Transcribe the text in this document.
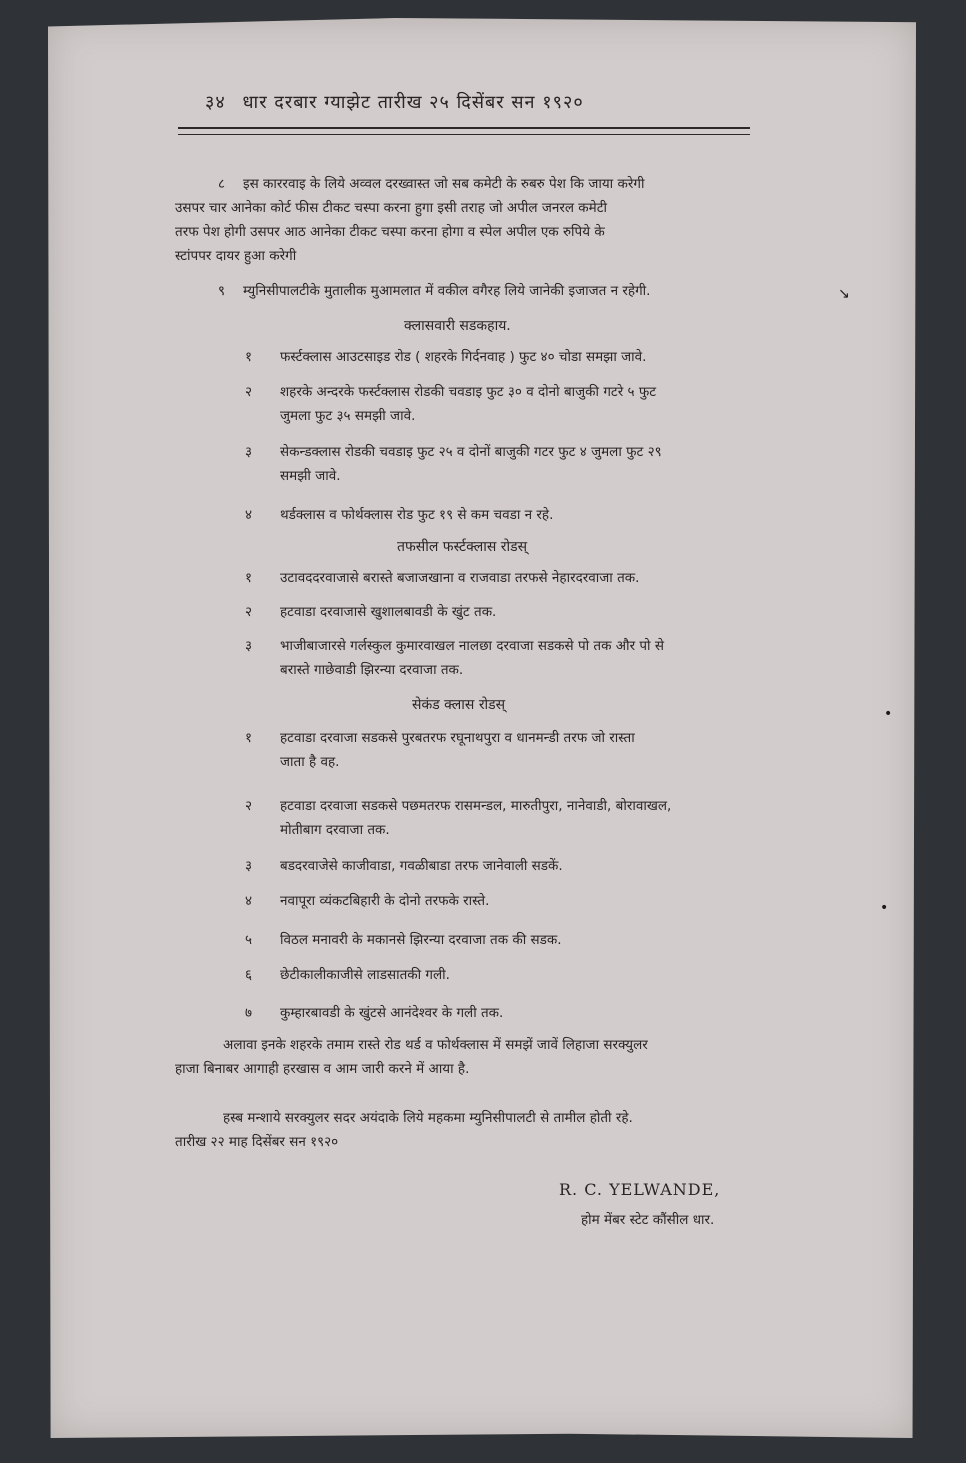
३४ धार दरबार ग्याझेट तारीख २५ दिसेंबर सन १९२०
८ इस काररवाइ के लिये अव्वल दरख्वास्त जो सब कमेटी के रुबरु पेश कि जाया करेगी
उसपर चार आनेका कोर्ट फीस टीकट चस्पा करना हुगा इसी तराह जो अपील जनरल कमेटी
तरफ पेश होगी उसपर आठ आनेका टीकट चस्पा करना होगा व स्पेल अपील एक रुपिये के
स्टांपपर दायर हुआ करेगी
९ म्युनिसीपालटीके मुतालीक मुआमलात में वकील वगैरह लिये जानेकी इजाजत न रहेगी.
क्लासवारी सडकहाय.
१	फर्स्टक्लास आउटसाइड रोड ( शहरके गिर्दनवाह ) फुट ४० चोडा समझा जावे.
२	शहरके अन्दरके फर्स्टक्लास रोडकी चवडाइ फुट ३० व दोनो बाजुकी गटरे ५ फुट
जुमला फुट ३५ समझी जावे.
३	सेकन्डक्लास रोडकी चवडाइ फुट २५ व दोनों बाजुकी गटर फुट ४ जुमला फुट २९
समझी जावे.
४	थर्डक्लास व फोर्थक्लास रोड फुट १९ से कम चवडा न रहे.
तफसील फर्स्टक्लास रोडस्
१	उटावददरवाजासे बरास्ते बजाजखाना व राजवाडा तरफसे नेहारदरवाजा तक.
२	हटवाडा दरवाजासे खुशालबावडी के खुंट तक.
३	भाजीबाजारसे गर्लस्कुल कुमारवाखल नालछा दरवाजा सडकसे पो तक और पो से
बरास्ते गाछेवाडी झिरन्या दरवाजा तक.
सेकंड क्लास रोडस्
१	हटवाडा दरवाजा सडकसे पुरबतरफ रघूनाथपुरा व धानमन्डी तरफ जो रास्ता
जाता है वह.
२	हटवाडा दरवाजा सडकसे पछमतरफ रासमन्डल, मारुतीपुरा, नानेवाडी, बोरावाखल,
मोतीबाग दरवाजा तक.
३	बडदरवाजेसे काजीवाडा, गवळीबाडा तरफ जानेवाली सडकें.
४	नवापूरा व्यंकटबिहारी के दोनो तरफके रास्ते.
५	विठल मनावरी के मकानसे झिरन्या दरवाजा तक की सडक.
६	छेटीकालीकाजीसे लाडसातकी गली.
७	कुम्हारबावडी के खुंटसे आनंदेश्वर के गली तक.
अलावा इनके शहरके तमाम रास्ते रोड थर्ड व फोर्थक्लास में समझें जावें लिहाजा सरक्युलर
हाजा बिनाबर आगाही हरखास व आम जारी करने में आया है.
हस्ब मन्शाये सरक्युलर सदर अयंदाके लिये महकमा म्युनिसीपालटी से तामील होती रहे.
तारीख २२ माह दिसेंबर सन १९२०
R. C. YELWANDE,
होम मेंबर स्टेट कौंसील धार.
↘
•
•
